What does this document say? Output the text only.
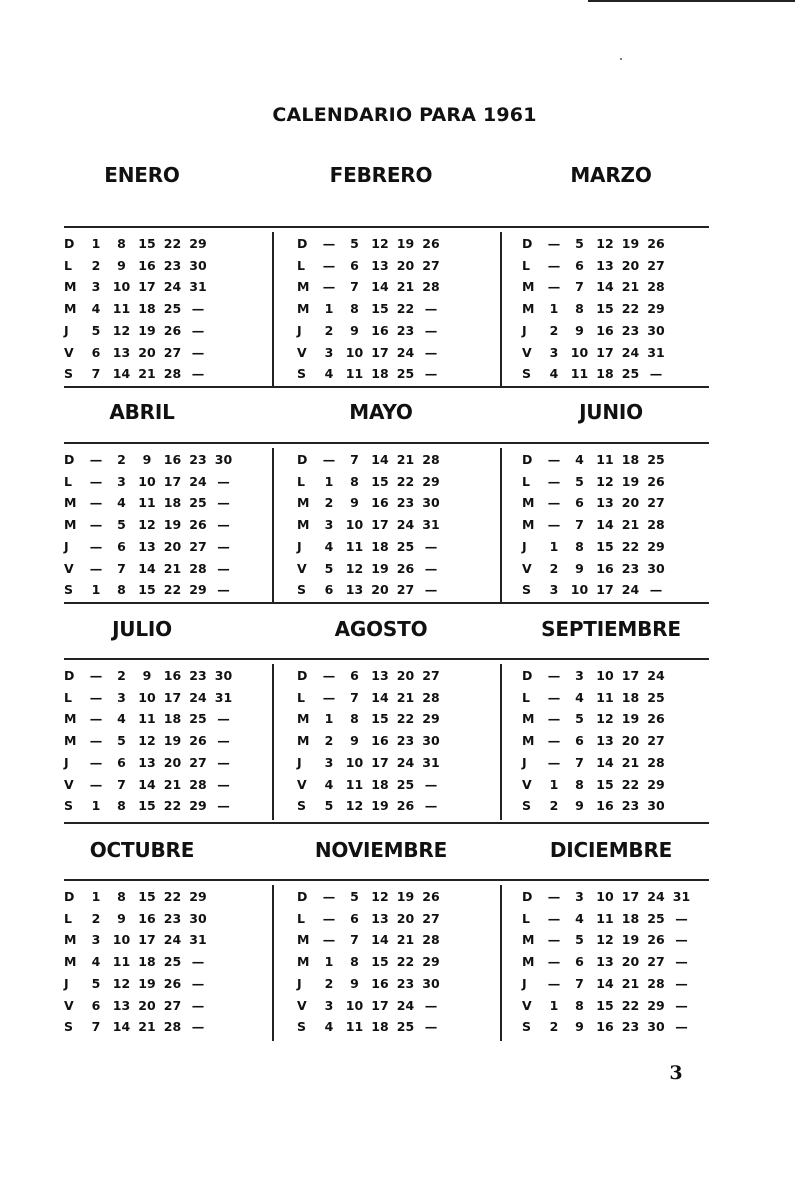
CALENDARIO PARA 1961
ENERO
D	1	8 15 22 29
L	2	9 16 23 30
M	3 10 17 24 31
M	4 11 18 25 —
J	5 12 19 26 —
V	6 13 20 27 —
S	7 14 21 28 —
FEBRERO
D	—	5 12 19 26
L	—	6 13 20 27
M	—	7 14 21 28
M	1	8 15 22 —
J	2	9 16 23 —
V	3 10 17 24 —
S	4 11 18 25 —
MARZO
D	—	5 12 19 26
L	—	6 13 20 27
M	—	7 14 21 28
M	1	8 15 22 29
J	2	9 16 23 30
V	3 10 17 24 31
S	4 11 18 25 —
ABRIL
D	—	2	9 16 23 30
L	—	3 10 17 24 —
M	—	4 11 18 25 —
M	—	5 12 19 26 —
J	—	6 13 20 27 —
V	—	7 14 21 28 —
S	1	8 15 22 29 —
MAYO
D	—	7 14 21 28
L	1	8 15 22 29
M	2	9 16 23 30
M	3 10 17 24 31
J	4 11 18 25 —
V	5 12 19 26 —
S	6 13 20 27 —
JUNIO
D	—	4 11 18 25
L	—	5 12 19 26
M	—	6 13 20 27
M	—	7 14 21 28
J	1	8 15 22 29
V	2	9 16 23 30
S	3 10 17 24 —
JULIO
D	—	2	9 16 23 30
L	—	3 10 17 24 31
M	—	4 11 18 25 —
M	—	5 12 19 26 —
J	—	6 13 20 27 —
V	—	7 14 21 28 —
S	1	8 15 22 29 —
AGOSTO
D	—	6 13 20 27
L	—	7 14 21 28
M	1	8 15 22 29
M	2	9 16 23 30
J	3 10 17 24 31
V	4 11 18 25 —
S	5 12 19 26 —
SEPTIEMBRE
D	—	3 10 17 24
L	—	4 11 18 25
M	—	5 12 19 26
M	—	6 13 20 27
J	—	7 14 21 28
V	1	8 15 22 29
S	2	9 16 23 30
OCTUBRE
D	1	8 15 22 29
L	2	9 16 23 30
M	3 10 17 24 31
M	4 11 18 25 —
J	5 12 19 26 —
V	6 13 20 27 —
S	7 14 21 28 —
NOVIEMBRE
D	—	5 12 19 26
L	—	6 13 20 27
M	—	7 14 21 28
M	1	8 15 22 29
J	2	9 16 23 30
V	3 10 17 24 —
S	4 11 18 25 —
DICIEMBRE
D	—	3 10 17 24 31
L	—	4 11 18 25 —
M	—	5 12 19 26 —
M	—	6 13 20 27 —
J	—	7 14 21 28 —
V	1	8 15 22 29 —
S	2	9 16 23 30 —
3
